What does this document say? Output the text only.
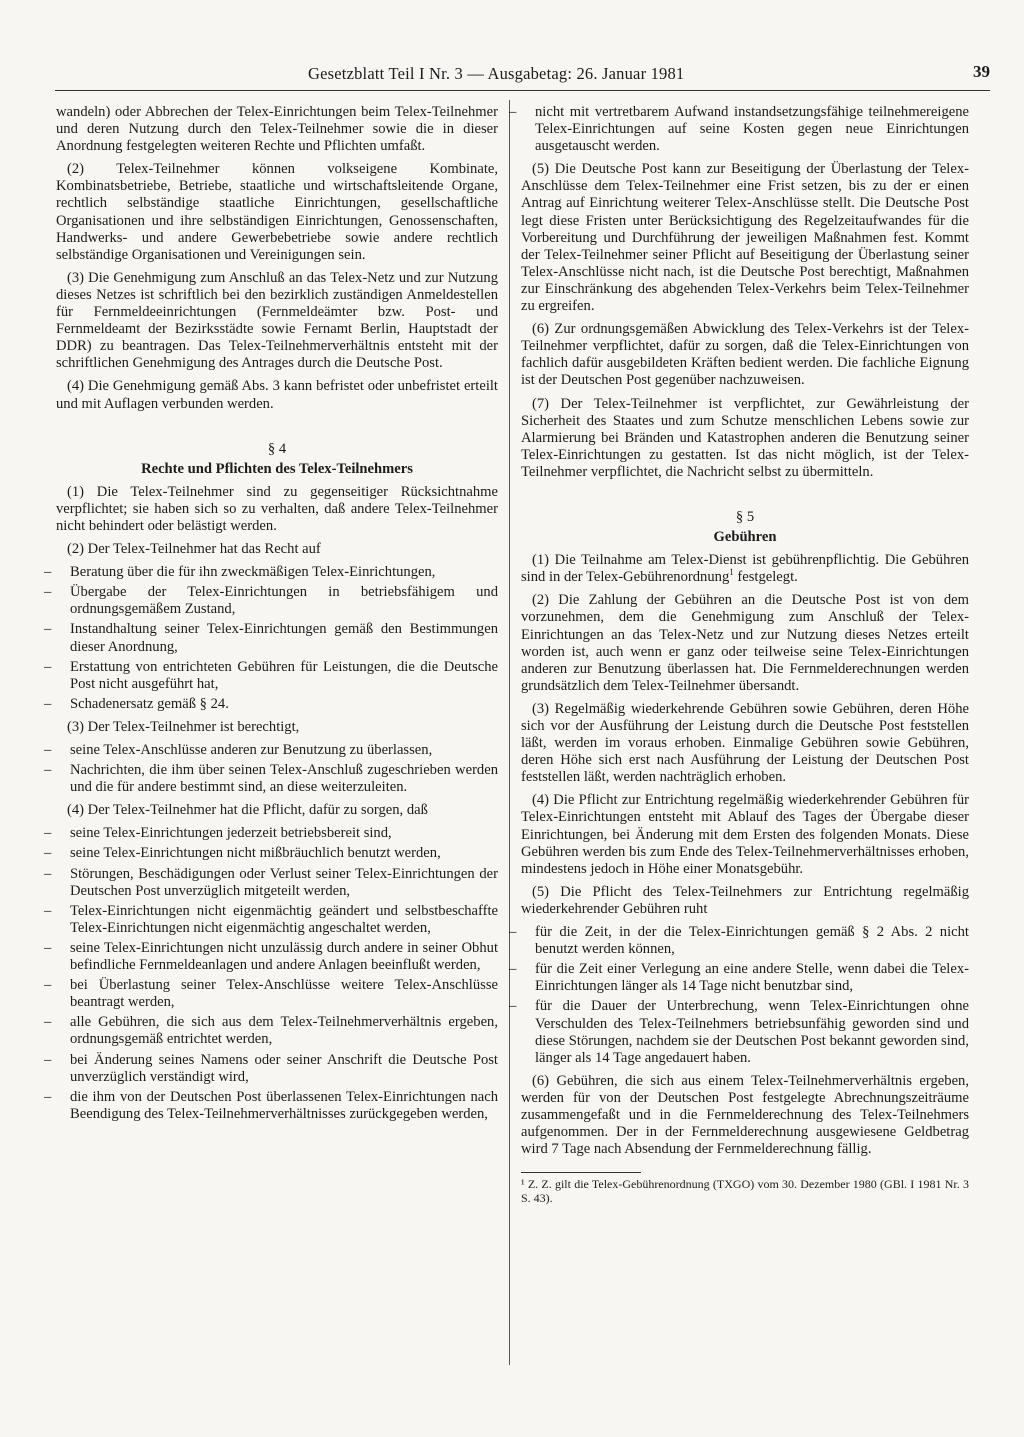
Gesetzblatt Teil I Nr. 3 — Ausgabetag: 26. Januar 1981	39

wandeln) oder Abbrechen der Telex-Einrichtungen beim Telex-Teilnehmer und deren Nutzung durch den Telex-Teilnehmer sowie die in dieser Anordnung festgelegten weiteren Rechte und Pflichten umfaßt.

(2) Telex-Teilnehmer können volkseigene Kombinate, Kombinatsbetriebe, Betriebe, staatliche und wirtschaftsleitende Organe, rechtlich selbständige staatliche Einrichtungen, gesellschaftliche Organisationen und ihre selbständigen Einrichtungen, Genossenschaften, Handwerks- und andere Gewerbebetriebe sowie andere rechtlich selbständige Organisationen und Vereinigungen sein.

(3) Die Genehmigung zum Anschluß an das Telex-Netz und zur Nutzung dieses Netzes ist schriftlich bei den bezirklich zuständigen Anmeldestellen für Fernmeldeeinrichtungen (Fernmeldeämter bzw. Post- und Fernmeldeamt der Bezirksstädte sowie Fernamt Berlin, Hauptstadt der DDR) zu beantragen. Das Telex-Teilnehmerverhältnis entsteht mit der schriftlichen Genehmigung des Antrages durch die Deutsche Post.

(4) Die Genehmigung gemäß Abs. 3 kann befristet oder unbefristet erteilt und mit Auflagen verbunden werden.

§ 4
Rechte und Pflichten des Telex-Teilnehmers

(1) Die Telex-Teilnehmer sind zu gegenseitiger Rücksichtnahme verpflichtet; sie haben sich so zu verhalten, daß andere Telex-Teilnehmer nicht behindert oder belästigt werden.

(2) Der Telex-Teilnehmer hat das Recht auf

– Beratung über die für ihn zweckmäßigen Telex-Einrichtungen,
– Übergabe der Telex-Einrichtungen in betriebsfähigem und ordnungsgemäßem Zustand,
– Instandhaltung seiner Telex-Einrichtungen gemäß den Bestimmungen dieser Anordnung,
– Erstattung von entrichteten Gebühren für Leistungen, die die Deutsche Post nicht ausgeführt hat,
– Schadenersatz gemäß § 24.

(3) Der Telex-Teilnehmer ist berechtigt,

– seine Telex-Anschlüsse anderen zur Benutzung zu überlassen,
– Nachrichten, die ihm über seinen Telex-Anschluß zugeschrieben werden und die für andere bestimmt sind, an diese weiterzuleiten.

(4) Der Telex-Teilnehmer hat die Pflicht, dafür zu sorgen, daß

– seine Telex-Einrichtungen jederzeit betriebsbereit sind,
– seine Telex-Einrichtungen nicht mißbräuchlich benutzt werden,
– Störungen, Beschädigungen oder Verlust seiner Telex-Einrichtungen der Deutschen Post unverzüglich mitgeteilt werden,
– Telex-Einrichtungen nicht eigenmächtig geändert und selbstbeschaffte Telex-Einrichtungen nicht eigenmächtig angeschaltet werden,
– seine Telex-Einrichtungen nicht unzulässig durch andere in seiner Obhut befindliche Fernmeldeanlagen und andere Anlagen beeinflußt werden,
– bei Überlastung seiner Telex-Anschlüsse weitere Telex-Anschlüsse beantragt werden,
– alle Gebühren, die sich aus dem Telex-Teilnehmerverhältnis ergeben, ordnungsgemäß entrichtet werden,
– bei Änderung seines Namens oder seiner Anschrift die Deutsche Post unverzüglich verständigt wird,
– die ihm von der Deutschen Post überlassenen Telex-Einrichtungen nach Beendigung des Telex-Teilnehmerverhältnisses zurückgegeben werden,
– nicht mit vertretbarem Aufwand instandsetzungsfähige teilnehmereigene Telex-Einrichtungen auf seine Kosten gegen neue Einrichtungen ausgetauscht werden.

(5) Die Deutsche Post kann zur Beseitigung der Überlastung der Telex-Anschlüsse dem Telex-Teilnehmer eine Frist setzen, bis zu der er einen Antrag auf Einrichtung weiterer Telex-Anschlüsse stellt. Die Deutsche Post legt diese Fristen unter Berücksichtigung des Regelzeitaufwandes für die Vorbereitung und Durchführung der jeweiligen Maßnahmen fest. Kommt der Telex-Teilnehmer seiner Pflicht auf Beseitigung der Überlastung seiner Telex-Anschlüsse nicht nach, ist die Deutsche Post berechtigt, Maßnahmen zur Einschränkung des abgehenden Telex-Verkehrs beim Telex-Teilnehmer zu ergreifen.

(6) Zur ordnungsgemäßen Abwicklung des Telex-Verkehrs ist der Telex-Teilnehmer verpflichtet, dafür zu sorgen, daß die Telex-Einrichtungen von fachlich dafür ausgebildeten Kräften bedient werden. Die fachliche Eignung ist der Deutschen Post gegenüber nachzuweisen.

(7) Der Telex-Teilnehmer ist verpflichtet, zur Gewährleistung der Sicherheit des Staates und zum Schutze menschlichen Lebens sowie zur Alarmierung bei Bränden und Katastrophen anderen die Benutzung seiner Telex-Einrichtungen zu gestatten. Ist das nicht möglich, ist der Telex-Teilnehmer verpflichtet, die Nachricht selbst zu übermitteln.

§ 5
Gebühren

(1) Die Teilnahme am Telex-Dienst ist gebührenpflichtig. Die Gebühren sind in der Telex-Gebührenordnung$^1$ festgelegt.

(2) Die Zahlung der Gebühren an die Deutsche Post ist von dem vorzunehmen, dem die Genehmigung zum Anschluß der Telex-Einrichtungen an das Telex-Netz und zur Nutzung dieses Netzes erteilt worden ist, auch wenn er ganz oder teilweise seine Telex-Einrichtungen anderen zur Benutzung überlassen hat. Die Fernmelderechnungen werden grundsätzlich dem Telex-Teilnehmer übersandt.

(3) Regelmäßig wiederkehrende Gebühren sowie Gebühren, deren Höhe sich vor der Ausführung der Leistung durch die Deutsche Post feststellen läßt, werden im voraus erhoben. Einmalige Gebühren sowie Gebühren, deren Höhe sich erst nach Ausführung der Leistung der Deutschen Post feststellen läßt, werden nachträglich erhoben.

(4) Die Pflicht zur Entrichtung regelmäßig wiederkehrender Gebühren für Telex-Einrichtungen entsteht mit Ablauf des Tages der Übergabe dieser Einrichtungen, bei Änderung mit dem Ersten des folgenden Monats. Diese Gebühren werden bis zum Ende des Telex-Teilnehmerverhältnisses erhoben, mindestens jedoch in Höhe einer Monatsgebühr.

(5) Die Pflicht des Telex-Teilnehmers zur Entrichtung regelmäßig wiederkehrender Gebühren ruht

– für die Zeit, in der die Telex-Einrichtungen gemäß § 2 Abs. 2 nicht benutzt werden können,
– für die Zeit einer Verlegung an eine andere Stelle, wenn dabei die Telex-Einrichtungen länger als 14 Tage nicht benutzbar sind,
– für die Dauer der Unterbrechung, wenn Telex-Einrichtungen ohne Verschulden des Telex-Teilnehmers betriebsunfähig geworden sind und diese Störungen, nachdem sie der Deutschen Post bekannt geworden sind, länger als 14 Tage angedauert haben.

(6) Gebühren, die sich aus einem Telex-Teilnehmerverhältnis ergeben, werden für von der Deutschen Post festgelegte Abrechnungszeiträume zusammengefaßt und in die Fernmelderechnung des Telex-Teilnehmers aufgenommen. Der in der Fernmelderechnung ausgewiesene Geldbetrag wird 7 Tage nach Absendung der Fernmelderechnung fällig.

¹ Z. Z. gilt die Telex-Gebührenordnung (TXGO) vom 30. Dezember 1980 (GBl. I 1981 Nr. 3 S. 43).
